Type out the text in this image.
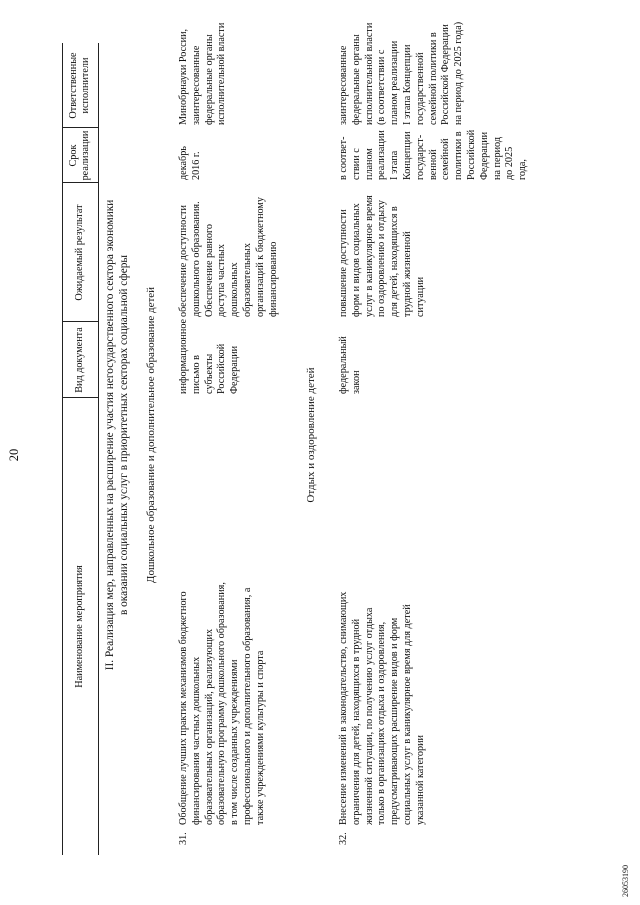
20
Наименование мероприятия
Вид документа
Ожидаемый результат
Срок реализации
Ответственные исполнители
II. Реализация мер, направленных на расширение участия негосударственного сектора экономики в оказании социальных услуг в приоритетных секторах социальной сферы Дошкольное образование и дополнительное образование детей
31.
Обобщение лучших практик механизмов бюджетного финансирования частных дошкольных образовательных организаций, реализующих образовательную программу дошкольного образования, в том числе созданных учреждениями профессионального и дополнительного образования, а также учреждениями культуры и спорта
информационное письмо в субъекты Российской Федерации
обеспечение доступности дошкольного образования. Обеспечение равного доступа частных дошкольных образовательных организаций к бюджетному финансированию
декабрь 2016 г.
Минобрнауки России, заинтересованные федеральные органы исполнительной власти
Отдых и оздоровление детей
32.
Внесение изменений в законодательство, снимающих ограничения для детей, находящихся в трудной жизненной ситуации, по получению услуг отдыха только в организациях отдыха и оздоровления, предусматривающих расширение видов и форм социальных услуг в каникулярное время для детей указанной категории
федеральный закон
повышение доступности форм и видов социальных услуг в каникулярное время по оздоровлению и отдыху для детей, находящихся в трудной жизненной ситуации
в соответ- ствии с планом реализации I этапа Концепции государст- венной семейной политики в Российской Федерации на период до 2025 года,
заинтересованные федеральные органы исполнительной власти (в соответствии с планом реализации I этапа Концепции государственной семейной политики в Российской Федерации на период до 2025 года)
26053190
